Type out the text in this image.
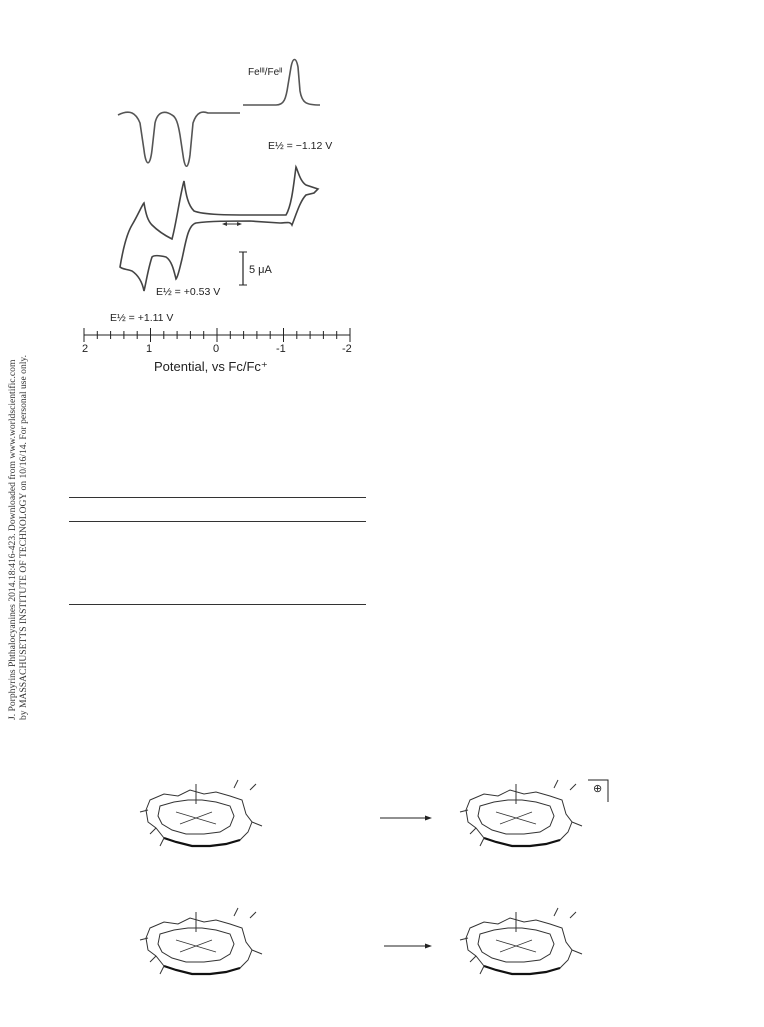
J. Porphyrins Phthalocyanines 2014.18:416-423. Downloaded from www.worldscientific.com by MASSACHUSETTS INSTITUTE OF TECHNOLOGY on 10/16/14. For personal use only.
5 μA
Feᴵᴵᴵ/Feᴵᴵ
E½ = −1.12 V
E½ = +0.53 V
E½ = +1.11 V
2	1	0	-1	-2
Potential, vs Fc/Fc⁺
⊕
